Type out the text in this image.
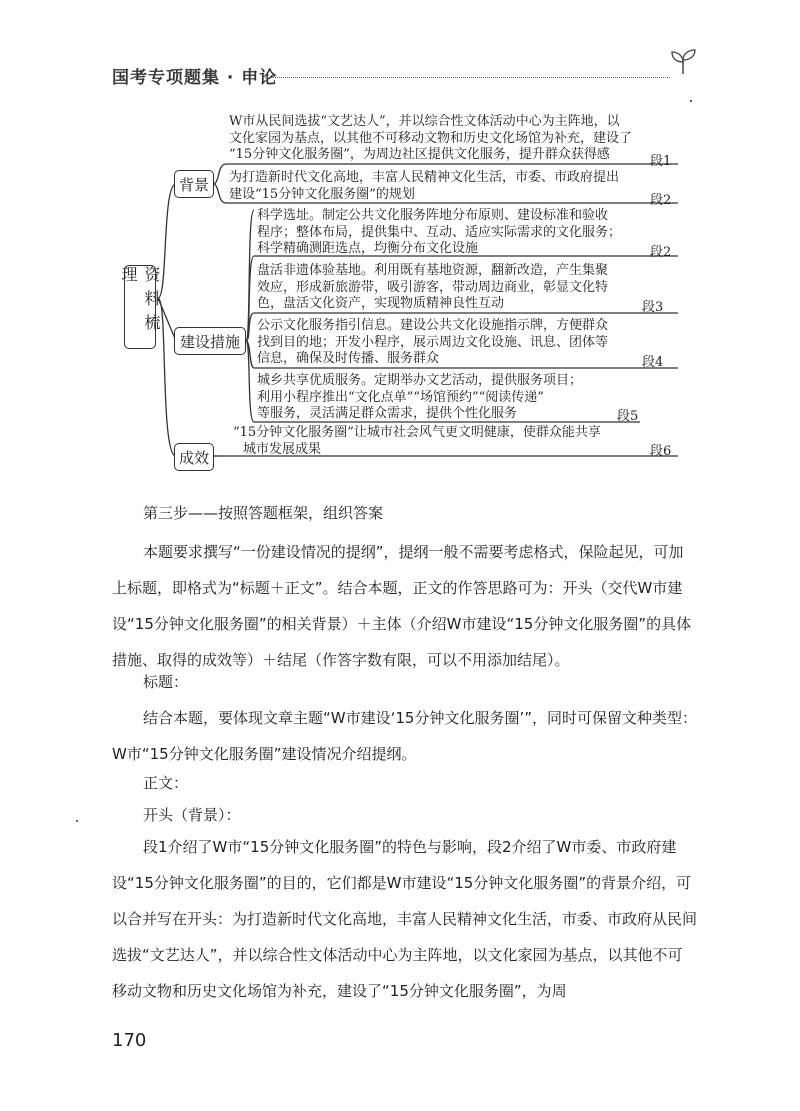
国考专项题集 · 申论
资料梳理
背景
建设措施
成效
W市从民间选拔“文艺达人”，并以综合性文体活动中心为主阵地，以
文化家园为基点，以其他不可移动文物和历史文化场馆为补充，建设了
“15分钟文化服务圈”，为周边社区提供文化服务，提升群众获得感	段1
为打造新时代文化高地，丰富人民精神文化生活，市委、市政府提出
建设“15分钟文化服务圈”的规划	段2
科学选址。制定公共文化服务阵地分布原则、建设标准和验收
程序；整体布局，提供集中、互动、适应实际需求的文化服务；
科学精确测距选点，均衡分布文化设施	段2
盘活非遗体验基地。利用既有基地资源，翻新改造，产生集聚
效应，形成新旅游带，吸引游客，带动周边商业，彰显文化特
色，盘活文化资产，实现物质精神良性互动	段3
公示文化服务指引信息。建设公共文化设施指示牌，方便群众
找到目的地；开发小程序，展示周边文化设施、讯息、团体等
信息，确保及时传播、服务群众	段4
城乡共享优质服务。定期举办文艺活动，提供服务项目；
利用小程序推出“文化点单”“场馆预约”“阅读传递”
等服务，灵活满足群众需求，提供个性化服务	段5
“15分钟文化服务圈”让城市社会风气更文明健康，使群众能共享
城市发展成果	段6
第三步——按照答题框架，组织答案
本题要求撰写“一份建设情况的提纲”，提纲一般不需要考虑格式，保险起见，可加上标题，即格式为“标题＋正文”。结合本题，正文的作答思路可为：开头（交代W市建设“15分钟文化服务圈”的相关背景）＋主体（介绍W市建设“15分钟文化服务圈”的具体措施、取得的成效等）＋结尾（作答字数有限，可以不用添加结尾）。
标题：
结合本题，要体现文章主题“W市建设‘15分钟文化服务圈’”，同时可保留文种类型：W市“15分钟文化服务圈”建设情况介绍提纲。
正文：
开头（背景）：
段1介绍了W市“15分钟文化服务圈”的特色与影响，段2介绍了W市委、市政府建设“15分钟文化服务圈”的目的，它们都是W市建设“15分钟文化服务圈”的背景介绍，可以合并写在开头：为打造新时代文化高地，丰富人民精神文化生活，市委、市政府从民间选拔“文艺达人”，并以综合性文体活动中心为主阵地，以文化家园为基点，以其他不可移动文物和历史文化场馆为补充，建设了“15分钟文化服务圈”，为周
170
